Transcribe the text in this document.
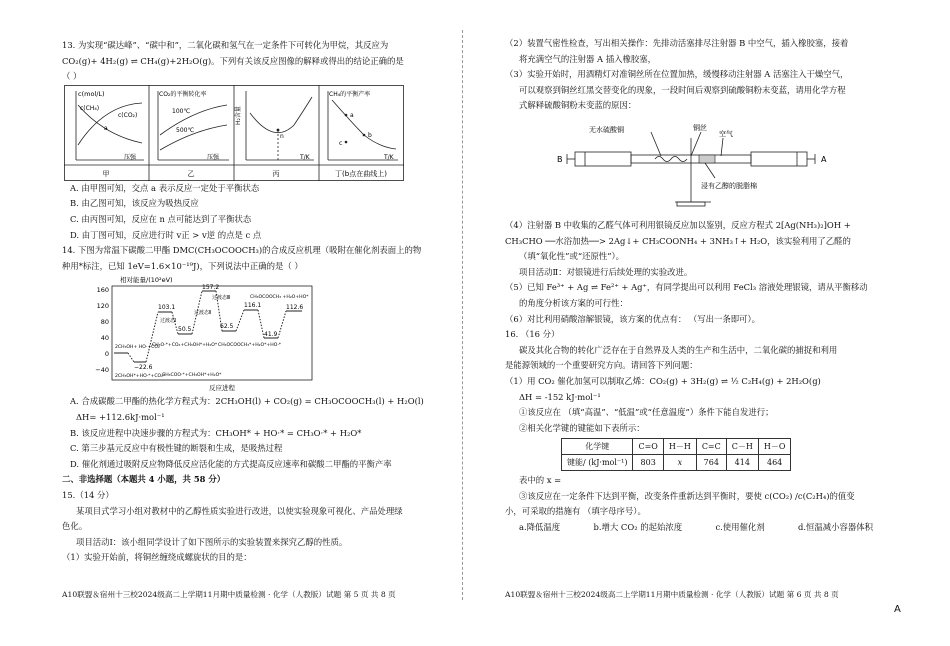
13. 为实现“碳达峰”、“碳中和”，二氧化碳和氢气在一定条件下可转化为甲烷，其反应为

CO₂(g)+ 4H₂(g) ⇌ CH₄(g)+2H₂O(g)。下列有关该反应图像的解释或得出的结论正确的是

（ ）

c(mol/L)
c(CH₄)
c(CO₂)
a
压强
CO₂的平衡转化率
100℃
500℃
压强
H₂含量
n
T/K
CH₄的平衡产率
a
b
c
T/K
甲	乙	丙	丁(b点在曲线上)

A. 由甲图可知，交点 a 表示反应一定处于平衡状态

B. 由乙图可知，该反应为吸热反应

C. 由丙图可知，反应在 n 点可能达到了平衡状态

D. 由丁图可知，反应进行时 v正 > v逆 的点是 c 点

14. 下图为常温下碳酸二甲酯 DMC(CH₃OCOOCH₃)的合成反应机理（吸附在催化剂表面上的物

种用*标注，已知 1eV=1.6×10⁻¹⁹J)，下列说法中正确的是（ ）

相对能量/(10²eV)
160
120
80
40
0
−40
103.1
50.5
157.2
62.5
116.1
41.9
112.6
−22.6
过渡态Ⅰ
过渡态Ⅱ
过渡态Ⅲ
2CH₃OH+ HO·+CO₂
CH₃O·*+CO₂+CH₃OH*+H₂O*
CH₃COO·*+CH₃OH*+H₂O*
CH₃OCOOCH₃ +H₂O+HO*
CH₃OCOOCH₃*+H₂O*+HO·*
2CH₃OH*+HO·*+CO₂*
反应进程

A. 合成碳酸二甲酯的热化学方程式为：2CH₃OH(l) + CO₂(g) = CH₃OCOOCH₃(l) + H₂O(l)

ΔH= +112.6kJ·mol⁻¹

B. 该反应进程中决速步骤的方程式为：CH₃OH* + HO·* = CH₃O·* + H₂O*

C. 第三步基元反应中有极性键的断裂和生成，是吸热过程

D. 催化剂通过吸附反应物降低反应活化能的方式提高反应速率和碳酸二甲酯的平衡产率

二、非选择题（本题共 4 小题，共 58 分）

15.（14 分）

某项目式学习小组对教材中的乙醇性质实验进行改进，以使实验现象可视化、产品处理绿

色化。

项目活动Ⅰ：该小组同学设计了如下图所示的实验装置来探究乙醇的性质。

（1）实验开始前，将铜丝缠绕成螺旋状的目的是：

A10联盟＆宿州十三校2024级高二上学期11月期中质量检测 · 化学（人教版）试题 第 5 页 共 8 页

（2）装置气密性检查，写出相关操作：先排动活塞排尽注射器 B 中空气，插入橡胶塞，接着

将充满空气的注射器 A 插入橡胶塞，

（3）实验开始时，用酒精灯对准铜丝所在位置加热，缓慢移动注射器 A 活塞注入干燥空气，

可以观察到铜丝红黑交替变化的现象，一段时间后观察到硫酸铜粉末变蓝，请用化学方程

式解释硫酸铜粉末变蓝的原因：

无水硫酸铜	铜丝
空气
浸有乙醇的脱脂棉
B	A

（4）注射器 B 中收集的乙醛气体可利用银镜反应加以鉴别，反应方程式 2[Ag(NH₃)₂]OH +

CH₃CHO ──水浴加热──> 2Ag↓+ CH₃COONH₄ + 3NH₃↑+ H₂O，该实验利用了乙醛的

（填“氧化性”或“还原性”）。

项目活动Ⅱ：对银镜进行后续处理的实验改进。

（5）已知 Fe³⁺ + Ag ⇌ Fe²⁺ + Ag⁺，有同学提出可以利用 FeCl₃ 溶液处理银镜，请从平衡移动

的角度分析该方案的可行性：

（6）对比利用硝酸溶解银镜，该方案的优点有： （写出一条即可）。

16. （16 分）

碳及其化合物的转化广泛存在于自然界及人类的生产和生活中，二氧化碳的捕捉和利用

是能源领域的一个重要研究方向。请回答下列问题：

（1）用 CO₂ 催化加氢可以制取乙烯：CO₂(g) + 3H₂(g) ⇌ ½ C₂H₄(g) + 2H₂O(g)

ΔH = -152 kJ·mol⁻¹

①该反应在 （填“高温”、“低温”或“任意温度”）条件下能自发进行；

②相关化学键的键能如下表所示：

化学键	C=O	H－H	C=C	C－H	H－O
键能/ (kJ·mol⁻¹)	803	x	764	414	464

表中的 x =

③该反应在一定条件下达到平衡，改变条件重新达到平衡时，要使 c(CO₂) /c(C₂H₄)的值变

小，可采取的措施有 （填字母序号）。

a.降低温度	b.增大 CO₂ 的起始浓度	c.使用催化剂	d.恒温减小容器体积

A10联盟＆宿州十三校2024级高二上学期11月期中质量检测 · 化学（人教版）试题 第 6 页 共 8 页
A
